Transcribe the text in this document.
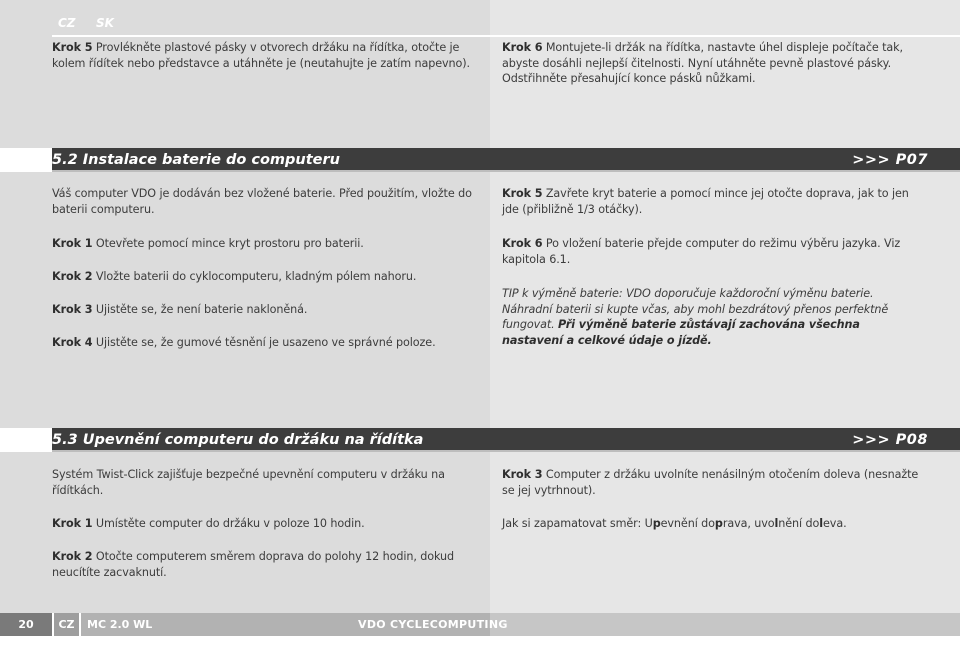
CZ SK
Krok 5 Provlékněte plastové pásky v otvorech držáku na řídítka, otočte je kolem řídítek nebo představce a utáhněte je (neutahujte je zatím napevno).
Krok 6 Montujete-li držák na řídítka, nastavte úhel displeje počítače tak, abyste dosáhli nejlepší čitelnosti. Nyní utáhněte pevně plastové pásky. Odstřihněte přesahující konce pásků nůžkami.
5.2 Instalace baterie do computeru	>>> P07
Váš computer VDO je dodáván bez vložené baterie. Před použitím, vložte do baterii computeru.
Krok 1 Otevřete pomocí mince kryt prostoru pro baterii.
Krok 2 Vložte baterii do cyklocomputeru, kladným pólem nahoru.
Krok 3 Ujistěte se, že není baterie nakloněná.
Krok 4 Ujistěte se, že gumové těsnění je usazeno ve správné poloze.
Krok 5 Zavřete kryt baterie a pomocí mince jej otočte doprava, jak to jen jde (přibližně 1/3 otáčky).
Krok 6 Po vložení baterie přejde computer do režimu výběru jazyka. Viz kapitola 6.1.
TIP k výměně baterie: VDO doporučuje každoroční výměnu baterie. Náhradní baterii si kupte včas, aby mohl bezdrátový přenos perfektně fungovat. Při výměně baterie zůstávají zachována všechna nastavení a celkové údaje o jízdě.
5.3 Upevnění computeru do držáku na řídítka	>>> P08
Systém Twist-Click zajišťuje bezpečné upevnění computeru v držáku na řídítkách.
Krok 1 Umístěte computer do držáku v poloze 10 hodin.
Krok 2 Otočte computerem směrem doprava do polohy 12 hodin, dokud neucítíte zacvaknutí.
Krok 3 Computer z držáku uvolníte nenásilným otočením doleva (nesnažte se jej vytrhnout).
Jak si zapamatovat směr: Upevnění doprava, uvolnění doleva.
20	CZ	MC 2.0 WL	VDO CYCLECOMPUTING
